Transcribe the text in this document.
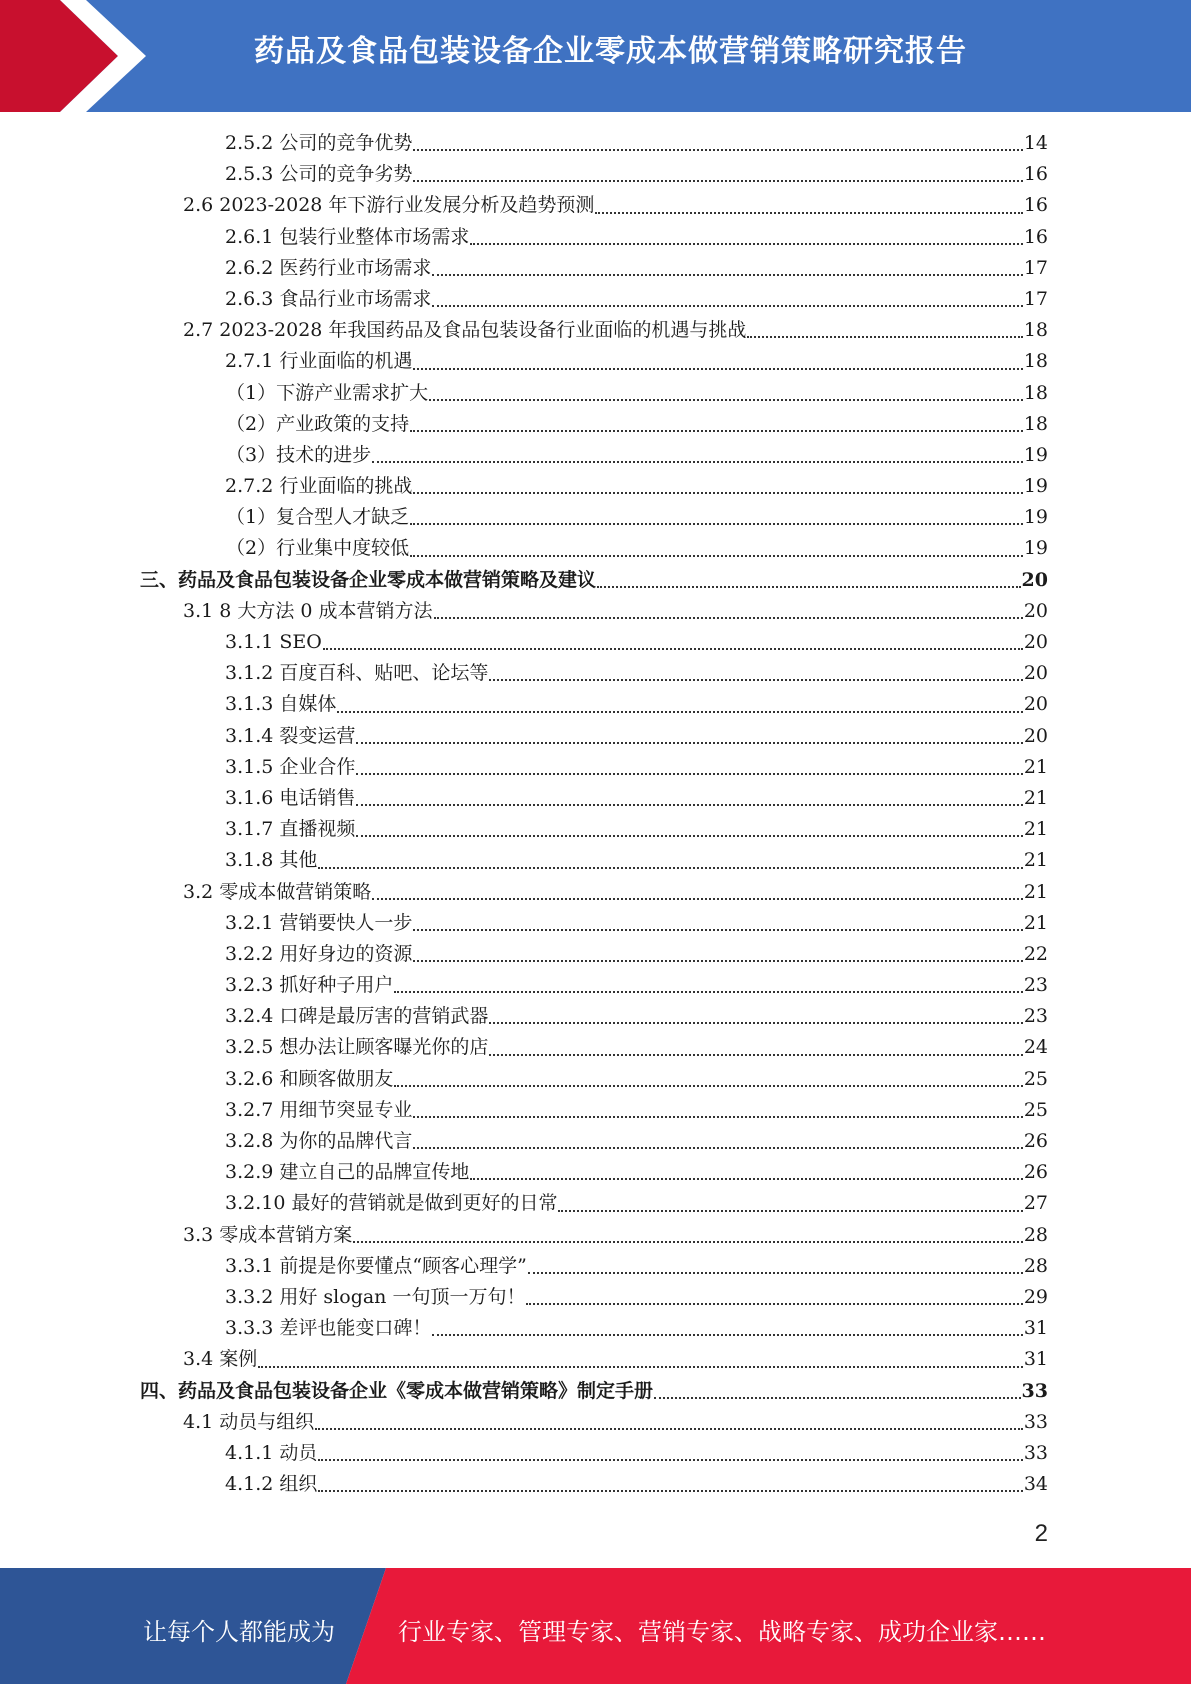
药品及食品包装设备企业零成本做营销策略研究报告
2.5.2 公司的竞争优势	14
2.5.3 公司的竞争劣势	16
2.6 2023-2028 年下游行业发展分析及趋势预测	16
2.6.1 包装行业整体市场需求	16
2.6.2 医药行业市场需求	17
2.6.3 食品行业市场需求	17
2.7 2023-2028 年我国药品及食品包装设备行业面临的机遇与挑战	18
2.7.1 行业面临的机遇	18
（1）下游产业需求扩大	18
（2）产业政策的支持	18
（3）技术的进步	19
2.7.2 行业面临的挑战	19
（1）复合型人才缺乏	19
（2）行业集中度较低	19
三、药品及食品包装设备企业零成本做营销策略及建议	20
3.1 8 大方法 0 成本营销方法	20
3.1.1 SEO	20
3.1.2 百度百科、贴吧、论坛等	20
3.1.3 自媒体	20
3.1.4 裂变运营	20
3.1.5 企业合作	21
3.1.6 电话销售	21
3.1.7 直播视频	21
3.1.8 其他	21
3.2 零成本做营销策略	21
3.2.1 营销要快人一步	21
3.2.2 用好身边的资源	22
3.2.3 抓好种子用户	23
3.2.4 口碑是最厉害的营销武器	23
3.2.5 想办法让顾客曝光你的店	24
3.2.6 和顾客做朋友	25
3.2.7 用细节突显专业	25
3.2.8 为你的品牌代言	26
3.2.9 建立自己的品牌宣传地	26
3.2.10 最好的营销就是做到更好的日常	27
3.3 零成本营销方案	28
3.3.1 前提是你要懂点“顾客心理学”	28
3.3.2 用好 slogan 一句顶一万句！	29
3.3.3 差评也能变口碑！	31
3.4 案例	31
四、药品及食品包装设备企业《零成本做营销策略》制定手册	33
4.1 动员与组织	33
4.1.1 动员	33
4.1.2 组织	34
2
让每个人都能成为	行业专家、管理专家、营销专家、战略专家、成功企业家……
